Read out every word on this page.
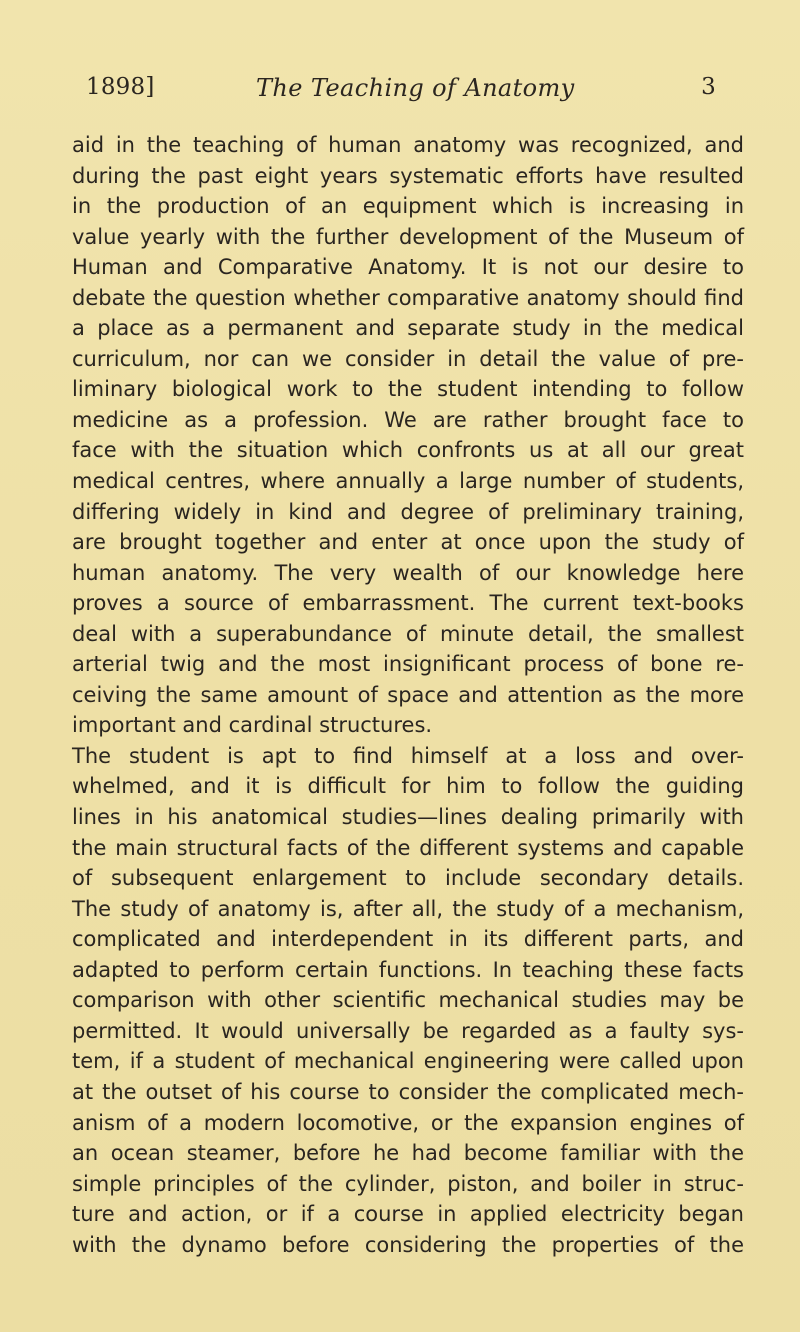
1898]	The Teaching of Anatomy	3
aid in the teaching of human anatomy was recognized, and
during the past eight years systematic efforts have resulted
in the production of an equipment which is increasing in
value yearly with the further development of the Museum of
Human and Comparative Anatomy. It is not our desire to
debate the question whether comparative anatomy should find
a place as a permanent and separate study in the medical
curriculum, nor can we consider in detail the value of pre-
liminary biological work to the student intending to follow
medicine as a profession. We are rather brought face to
face with the situation which confronts us at all our great
medical centres, where annually a large number of students,
differing widely in kind and degree of preliminary training,
are brought together and enter at once upon the study of
human anatomy. The very wealth of our knowledge here
proves a source of embarrassment. The current text-books
deal with a superabundance of minute detail, the smallest
arterial twig and the most insignificant process of bone re-
ceiving the same amount of space and attention as the more
important and cardinal structures.
The student is apt to find himself at a loss and over-
whelmed, and it is difficult for him to follow the guiding
lines in his anatomical studies—lines dealing primarily with
the main structural facts of the different systems and capable
of subsequent enlargement to include secondary details.
The study of anatomy is, after all, the study of a mechanism,
complicated and interdependent in its different parts, and
adapted to perform certain functions. In teaching these facts
comparison with other scientific mechanical studies may be
permitted. It would universally be regarded as a faulty sys-
tem, if a student of mechanical engineering were called upon
at the outset of his course to consider the complicated mech-
anism of a modern locomotive, or the expansion engines of
an ocean steamer, before he had become familiar with the
simple principles of the cylinder, piston, and boiler in struc-
ture and action, or if a course in applied electricity began
with the dynamo before considering the properties of the
